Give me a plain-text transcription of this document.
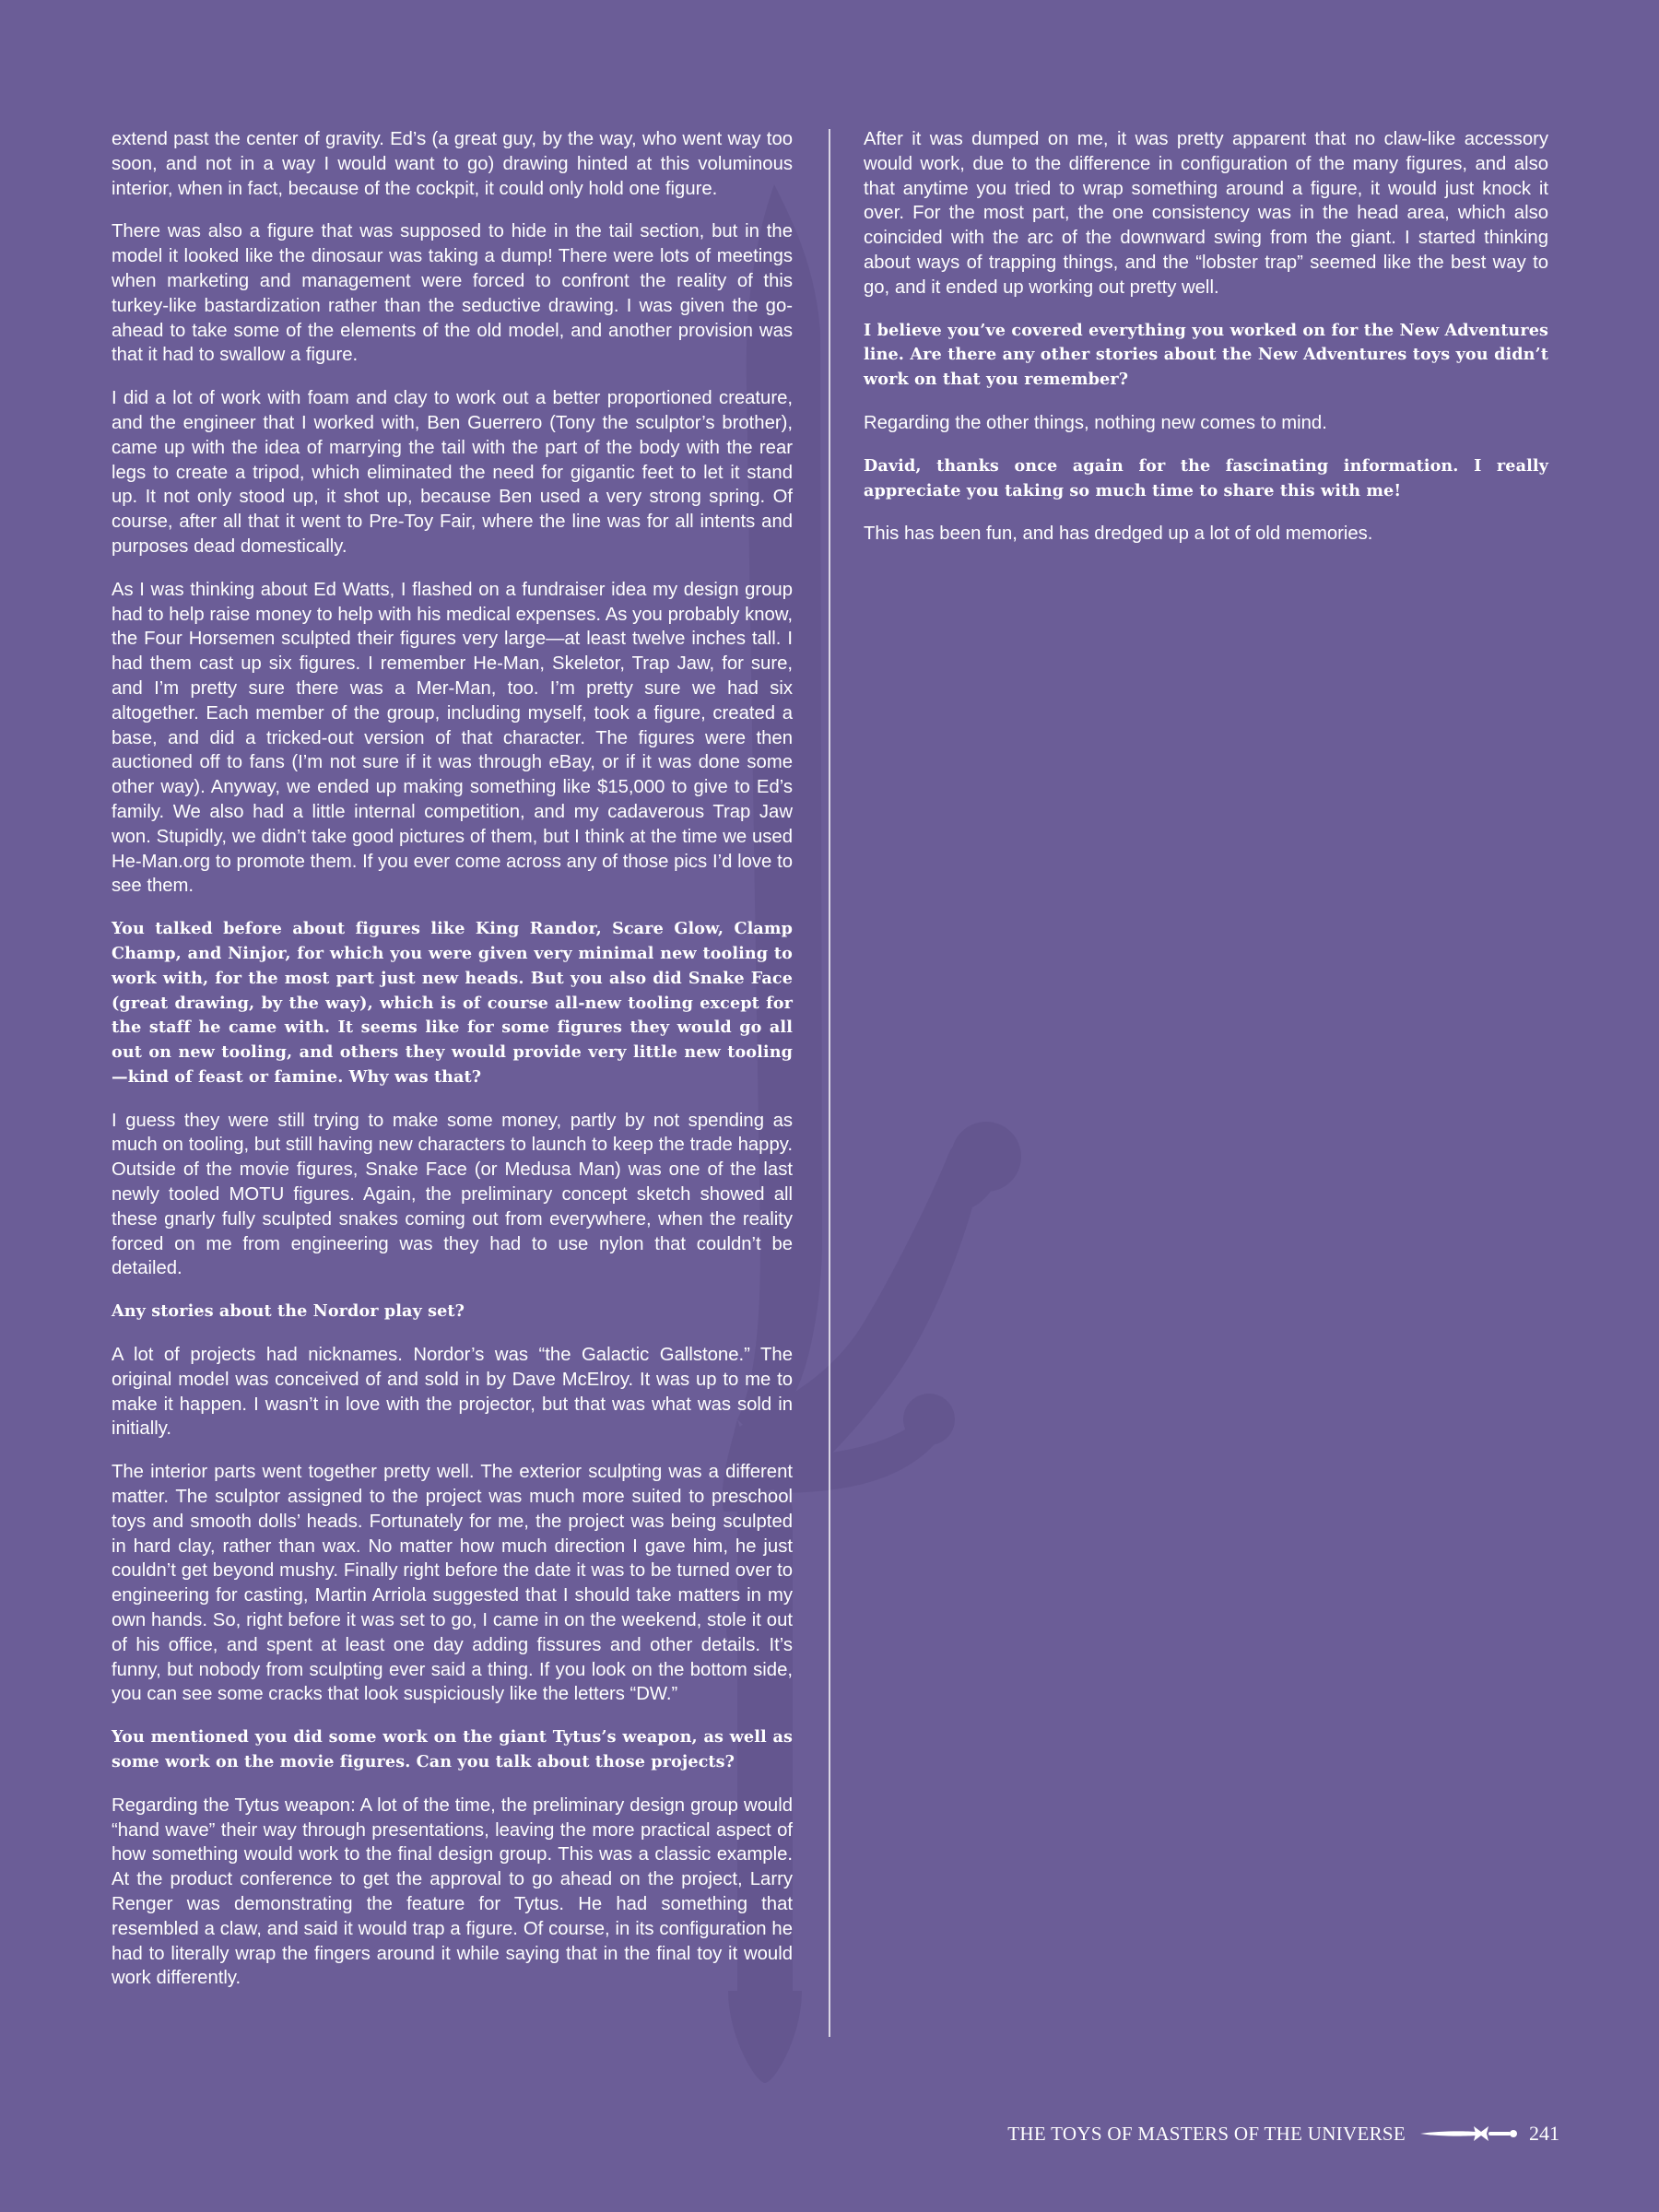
extend past the center of gravity. Ed’s (a great guy, by the way, who went way too soon, and not in a way I would want to go) drawing hinted at this voluminous interior, when in fact, because of the cockpit, it could only hold one figure.

There was also a figure that was supposed to hide in the tail section, but in the model it looked like the dinosaur was taking a dump! There were lots of meetings when marketing and management were forced to confront the reality of this turkey-like bastardization rather than the seductive drawing. I was given the go-ahead to take some of the elements of the old model, and another provision was that it had to swallow a figure.

I did a lot of work with foam and clay to work out a better proportioned creature, and the engineer that I worked with, Ben Guerrero (Tony the sculptor’s brother), came up with the idea of marrying the tail with the part of the body with the rear legs to create a tripod, which eliminated the need for gigantic feet to let it stand up. It not only stood up, it shot up, because Ben used a very strong spring. Of course, after all that it went to Pre-Toy Fair, where the line was for all intents and purposes dead domestically.

As I was thinking about Ed Watts, I flashed on a fundraiser idea my design group had to help raise money to help with his medical expenses. As you probably know, the Four Horsemen sculpted their figures very large—at least twelve inches tall. I had them cast up six figures. I remember He-Man, Skeletor, Trap Jaw, for sure, and I’m pretty sure there was a Mer-Man, too. I’m pretty sure we had six altogether. Each member of the group, including myself, took a figure, created a base, and did a tricked-out version of that character. The figures were then auctioned off to fans (I’m not sure if it was through eBay, or if it was done some other way). Anyway, we ended up making something like $15,000 to give to Ed’s family. We also had a little internal competition, and my cadaverous Trap Jaw won. Stupidly, we didn’t take good pictures of them, but I think at the time we used He-Man.org to promote them. If you ever come across any of those pics I’d love to see them.

You talked before about figures like King Randor, Scare Glow, Clamp Champ, and Ninjor, for which you were given very minimal new tooling to work with, for the most part just new heads. But you also did Snake Face (great drawing, by the way), which is of course all-new tooling except for the staff he came with. It seems like for some figures they would go all out on new tooling, and others they would provide very little new tooling—kind of feast or famine. Why was that?

I guess they were still trying to make some money, partly by not spending as much on tooling, but still having new characters to launch to keep the trade happy. Outside of the movie figures, Snake Face (or Medusa Man) was one of the last newly tooled MOTU figures. Again, the preliminary concept sketch showed all these gnarly fully sculpted snakes coming out from everywhere, when the reality forced on me from engineering was they had to use nylon that couldn’t be detailed.

Any stories about the Nordor play set?

A lot of projects had nicknames. Nordor’s was “the Galactic Gallstone.” The original model was conceived of and sold in by Dave McElroy. It was up to me to make it happen. I wasn’t in love with the projector, but that was what was sold in initially.

The interior parts went together pretty well. The exterior sculpting was a different matter. The sculptor assigned to the project was much more suited to preschool toys and smooth dolls’ heads. Fortunately for me, the project was being sculpted in hard clay, rather than wax. No matter how much direction I gave him, he just couldn’t get beyond mushy. Finally right before the date it was to be turned over to engineering for casting, Martin Arriola suggested that I should take matters in my own hands. So, right before it was set to go, I came in on the weekend, stole it out of his office, and spent at least one day adding fissures and other details. It’s funny, but nobody from sculpting ever said a thing. If you look on the bottom side, you can see some cracks that look suspiciously like the letters “DW.”

You mentioned you did some work on the giant Tytus’s weapon, as well as some work on the movie figures. Can you talk about those projects?

Regarding the Tytus weapon: A lot of the time, the preliminary design group would “hand wave” their way through presentations, leaving the more practical aspect of how something would work to the final design group. This was a classic example. At the product conference to get the approval to go ahead on the project, Larry Renger was demonstrating the feature for Tytus. He had something that resembled a claw, and said it would trap a figure. Of course, in its configuration he had to literally wrap the fingers around it while saying that in the final toy it would work differently.

After it was dumped on me, it was pretty apparent that no claw-like accessory would work, due to the difference in configuration of the many figures, and also that anytime you tried to wrap something around a figure, it would just knock it over. For the most part, the one consistency was in the head area, which also coincided with the arc of the downward swing from the giant. I started thinking about ways of trapping things, and the “lobster trap” seemed like the best way to go, and it ended up working out pretty well.

I believe you’ve covered everything you worked on for the New Adventures line. Are there any other stories about the New Adventures toys you didn’t work on that you remember?

Regarding the other things, nothing new comes to mind.

David, thanks once again for the fascinating information. I really appreciate you taking so much time to share this with me!

This has been fun, and has dredged up a lot of old memories.

THE TOYS OF MASTERS OF THE UNIVERSE	241
